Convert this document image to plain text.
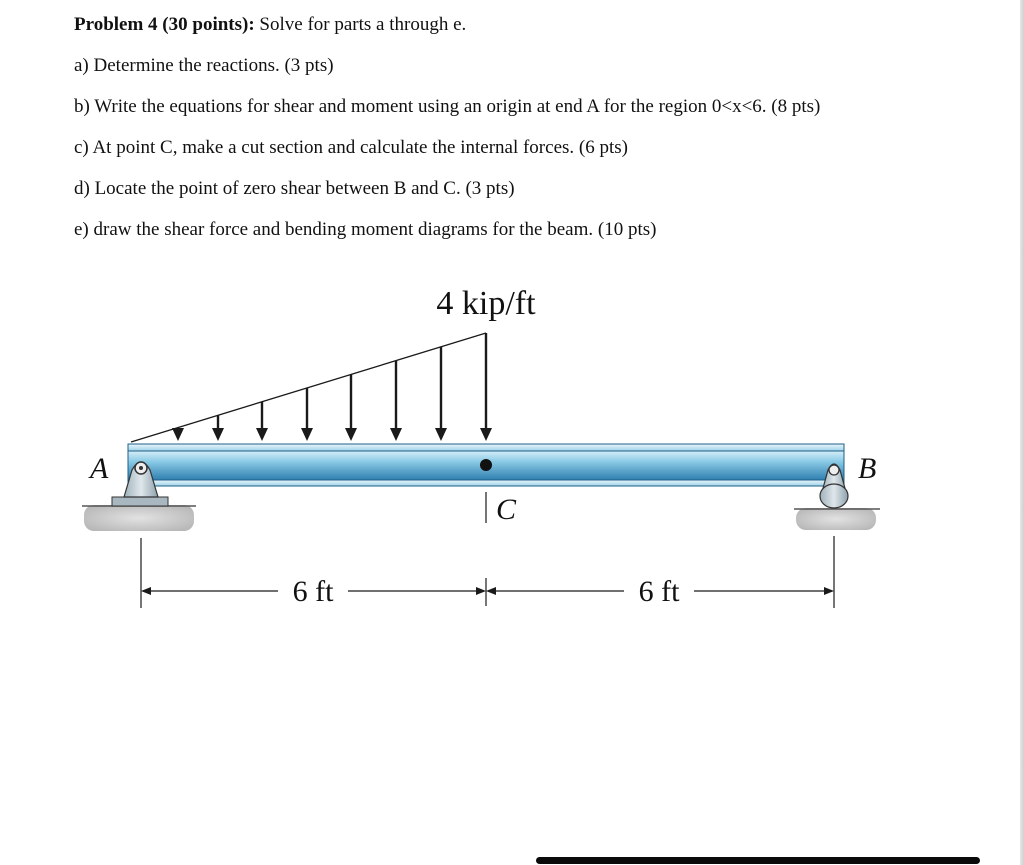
Problem 4 (30 points): Solve for parts a through e.

a) Determine the reactions. (3 pts)

b) Write the equations for shear and moment using an origin at end A for the region 0<x<6. (8 pts)

c) At point C, make a cut section and calculate the internal forces. (6 pts)

d) Locate the point of zero shear between B and C. (3 pts)

e) draw the shear force and bending moment diagrams for the beam. (10 pts)

4 kip/ft
C
A	B
6 ft	6 ft
